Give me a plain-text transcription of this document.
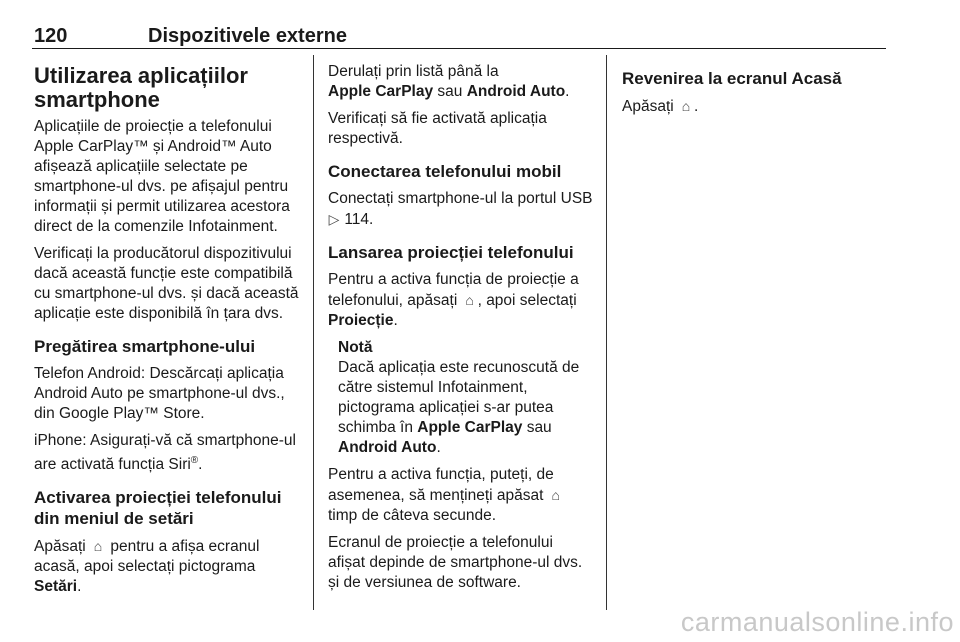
120	Dispozitivele externe
Utilizarea aplicațiilor smartphone

Aplicațiile de proiecție a telefonului Apple CarPlay™ și Android™ Auto afișează aplicațiile selectate pe smartphone-ul dvs. pe afișajul pentru informații și permit utilizarea acestora direct de la comenzile Infotainment.

Verificați la producătorul dispozitivului dacă această funcție este compatibilă cu smartphone-ul dvs. și dacă această aplicație este disponibilă în țara dvs.

Pregătirea smartphone-ului

Telefon Android: Descărcați aplicația Android Auto pe smartphone-ul dvs., din Google Play™ Store.

iPhone: Asigurați-vă că smartphone-ul are activată funcția Siri®.

Activarea proiecției telefonului din meniul de setări

Apăsați ⌂ pentru a afișa ecranul acasă, apoi selectați pictograma Setări.

Derulați prin listă până la
Apple CarPlay sau Android Auto.

Verificați să fie activată aplicația respectivă.

Conectarea telefonului mobil

Conectați smartphone-ul la portul USB ▷ 114.

Lansarea proiecției telefonului

Pentru a activa funcția de proiecție a telefonului, apăsați ⌂ , apoi selectați Proiecție.

Notă
Dacă aplicația este recunoscută de către sistemul Infotainment, pictograma aplicației s-ar putea schimba în Apple CarPlay sau
Android Auto.

Pentru a activa funcția, puteți, de asemenea, să mențineți apăsat ⌂ timp de câteva secunde.

Ecranul de proiecție a telefonului afișat depinde de smartphone-ul dvs. și de versiunea de software.

Revenirea la ecranul Acasă

Apăsați ⌂ .

carmanualsonline.info
